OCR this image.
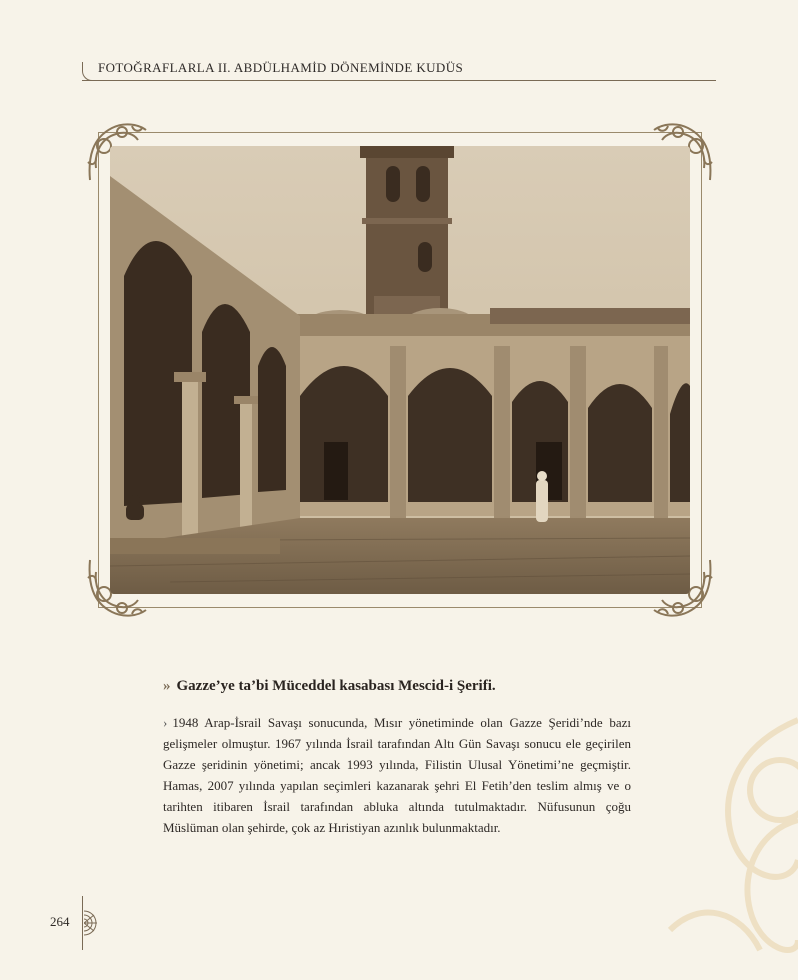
FOTOĞRAFLARLA II. ABDÜLHAMİD DÖNEMİNDE KUDÜS
» Gazze’ye ta’bi Müceddel kasabası Mescid-i Şerifi.
› 1948 Arap-İsrail Savaşı sonucunda, Mısır yönetiminde olan Gazze Şeridi’nde bazı gelişmeler olmuştur. 1967 yılında İsrail tarafından Altı Gün Savaşı sonucu ele geçirilen Gazze şeridinin yönetimi; ancak 1993 yılında, Filistin Ulusal Yönetimi’ne geçmiştir. Hamas, 2007 yılında yapılan seçimleri kazanarak şehri El Fetih’den teslim almış ve o tarihten itibaren İsrail tarafından abluka altında tutulmaktadır. Nüfusunun çoğu Müslüman olan şehirde, çok az Hıristiyan azınlık bulunmaktadır.
264
